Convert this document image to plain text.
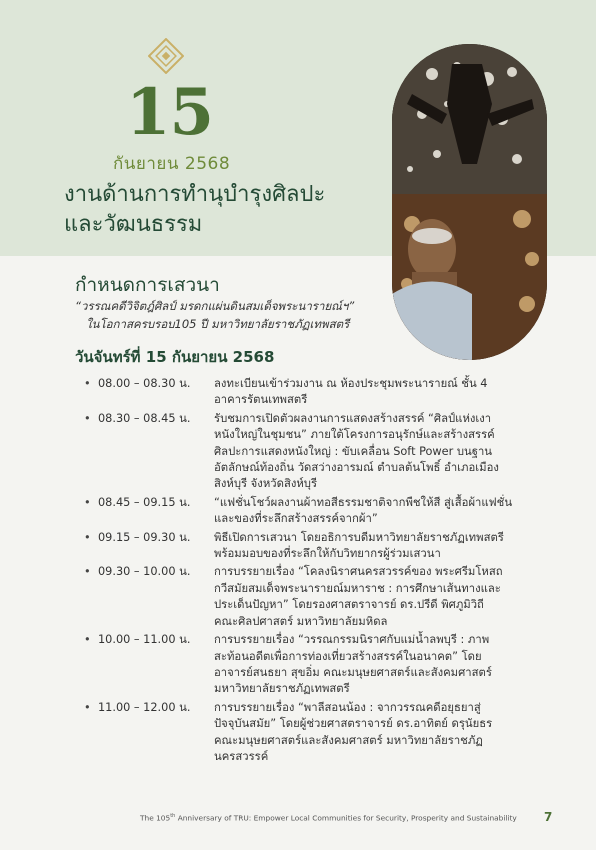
15
กันยายน 2568
งานด้านการทำนุบำรุงศิลปะ
และวัฒนธรรม
กำหนดการเสวนา
“วรรณคดีวิจิตฎ์ศิลป์ มรดกแผ่นดินสมเด็จพระนารายณ์ฯ”
ในโอกาสครบรอบ105 ปี มหาวิทยาลัยราชภัฏเทพสตรี
วันจันทร์ที่ 15 กันยายน 2568
• 08.00 – 08.30 น.	ลงทะเบียนเข้าร่วมงาน ณ ห้องประชุมพระนารายณ์ ชั้น 4
อาคารรัตนเทพสตรี
• 08.30 – 08.45 น.	รับชมการเปิดตัวผลงานการแสดงสร้างสรรค์ “ศิลป์แห่งเงา
หนังใหญ่ในชุมชน” ภายใต้โครงการอนุรักษ์และสร้างสรรค์
ศิลปะการแสดงหนังใหญ่ : ขับเคลื่อน Soft Power บนฐาน
อัตลักษณ์ท้องถิ่น วัดสว่างอารมณ์ ตำบลต้นโพธิ์ อำเภอเมือง
สิงห์บุรี จังหวัดสิงห์บุรี
• 08.45 – 09.15 น.	“แฟชั่นโชว์ผลงานผ้าทอสีธรรมชาติจากพืชให้สี สู่เสื้อผ้าแฟชั่น
และของที่ระลึกสร้างสรรค์จากผ้า”
• 09.15 – 09.30 น.	พิธีเปิดการเสวนา โดยอธิการบดีมหาวิทยาลัยราชภัฏเทพสตรี
พร้อมมอบของที่ระลึกให้กับวิทยากรผู้ร่วมเสวนา
• 09.30 – 10.00 น.	การบรรยายเรื่อง “โคลงนิราศนครสวรรค์ของ พระศรีมโหสถ
กวีสมัยสมเด็จพระนารายณ์มหาราช : การศึกษาเส้นทางและ
ประเด็นปัญหา” โดยรองศาสตราจารย์ ดร.ปรีดี พิศภูมิวิถี
คณะศิลปศาสตร์ มหาวิทยาลัยมหิดล
• 10.00 – 11.00 น.	การบรรยายเรื่อง “วรรณกรรมนิราศกับแม่น้ำลพบุรี : ภาพ
สะท้อนอดีตเพื่อการท่องเที่ยวสร้างสรรค์ในอนาคต” โดย
อาจารย์สนธยา สุขอิ่ม คณะมนุษยศาสตร์และสังคมศาสตร์
มหาวิทยาลัยราชภัฏเทพสตรี
• 11.00 – 12.00 น.	การบรรยายเรื่อง “พาลีสอนน้อง : จากวรรณคดีอยุธยาสู่
ปัจจุบันสมัย” โดยผู้ช่วยศาสตราจารย์ ดร.อาทิตย์ ดรุนัยธร
คณะมนุษยศาสตร์และสังคมศาสตร์ มหาวิทยาลัยราชภัฏ
นครสวรรค์
The 105th Anniversary of TRU: Empower Local Communities for Security, Prosperity and Sustainability 7
